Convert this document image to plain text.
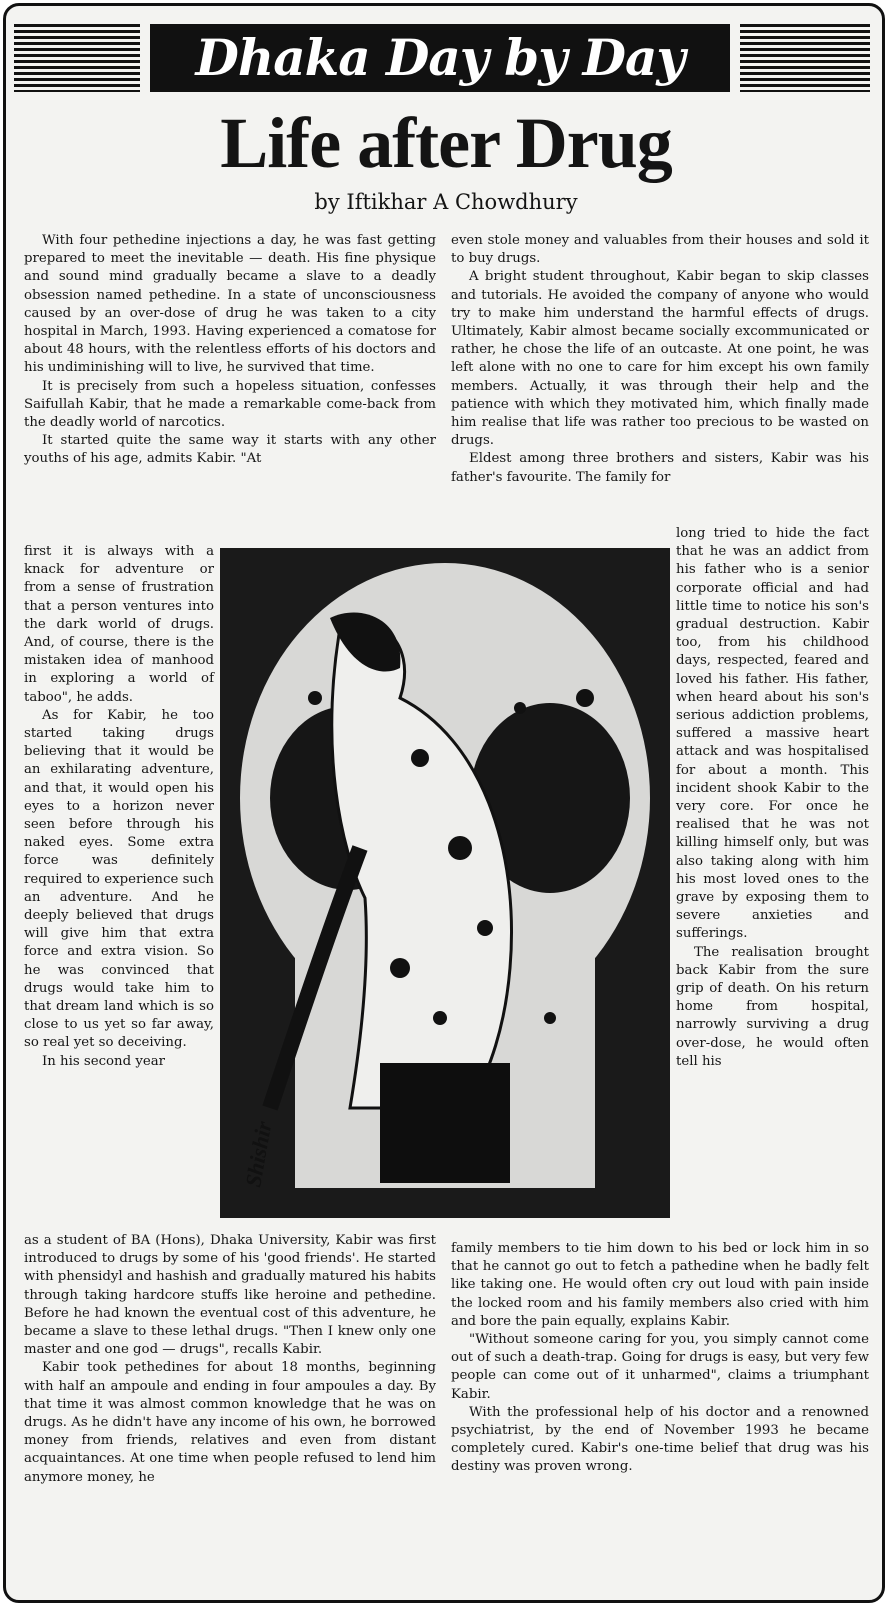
Dhaka Day by Day
Life after Drug
by Iftikhar A Chowdhury

With four pethedine injections a day, he was fast getting prepared to meet the inevitable — death. His fine physique and sound mind gradually became a slave to a deadly obsession named pethedine. In a state of unconsciousness caused by an over-dose of drug he was taken to a city hospital in March, 1993. Having experienced a comatose for about 48 hours, with the relentless efforts of his doctors and his undiminishing will to live, he survived that time.

It is precisely from such a hopeless situation, confesses Saifullah Kabir, that he made a remarkable come-back from the deadly world of narcotics.

It started quite the same way it starts with any other youths of his age, admits Kabir. "At

first it is always with a knack for adventure or from a sense of frustration that a person ventures into the dark world of drugs. And, of course, there is the mistaken idea of manhood in exploring a world of taboo", he adds.

As for Kabir, he too started taking drugs believing that it would be an exhilarating adventure, and that, it would open his eyes to a horizon never seen before through his naked eyes. Some extra force was definitely required to experience such an adventure. And he deeply believed that drugs will give him that extra force and extra vision. So he was convinced that drugs would take him to that dream land which is so close to us yet so far away, so real yet so deceiving.

In his second year

as a student of BA (Hons), Dhaka University, Kabir was first introduced to drugs by some of his 'good friends'. He started with phensidyl and hashish and gradually matured his habits through taking hardcore stuffs like heroine and pethedine. Before he had known the eventual cost of this adventure, he became a slave to these lethal drugs. "Then I knew only one master and one god — drugs", recalls Kabir.

Kabir took pethedines for about 18 months, beginning with half an ampoule and ending in four ampoules a day. By that time it was almost common knowledge that he was on drugs. As he didn't have any income of his own, he borrowed money from friends, relatives and even from distant acquaintances. At one time when people refused to lend him anymore money, he

even stole money and valuables from their houses and sold it to buy drugs.

A bright student throughout, Kabir began to skip classes and tutorials. He avoided the company of anyone who would try to make him understand the harmful effects of drugs. Ultimately, Kabir almost became socially excommunicated or rather, he chose the life of an outcaste. At one point, he was left alone with no one to care for him except his own family members. Actually, it was through their help and the patience with which they motivated him, which finally made him realise that life was rather too precious to be wasted on drugs.

Eldest among three brothers and sisters, Kabir was his father's favourite. The family for

long tried to hide the fact that he was an addict from his father who is a senior corporate official and had little time to notice his son's gradual destruction. Kabir too, from his childhood days, respected, feared and loved his father. His father, when heard about his son's serious addiction problems, suffered a massive heart attack and was hospitalised for about a month. This incident shook Kabir to the very core. For once he realised that he was not killing himself only, but was also taking along with him his most loved ones to the grave by exposing them to severe anxieties and sufferings.

The realisation brought back Kabir from the sure grip of death. On his return home from hospital, narrowly surviving a drug over-dose, he would often tell his

family members to tie him down to his bed or lock him in so that he cannot go out to fetch a pathedine when he badly felt like taking one. He would often cry out loud with pain inside the locked room and his family members also cried with him and bore the pain equally, explains Kabir.

"Without someone caring for you, you simply cannot come out of such a death-trap. Going for drugs is easy, but very few people can come out of it unharmed", claims a triumphant Kabir.

With the professional help of his doctor and a renowned psychiatrist, by the end of November 1993 he became completely cured. Kabir's one-time belief that drug was his destiny was proven wrong.

Shishir
